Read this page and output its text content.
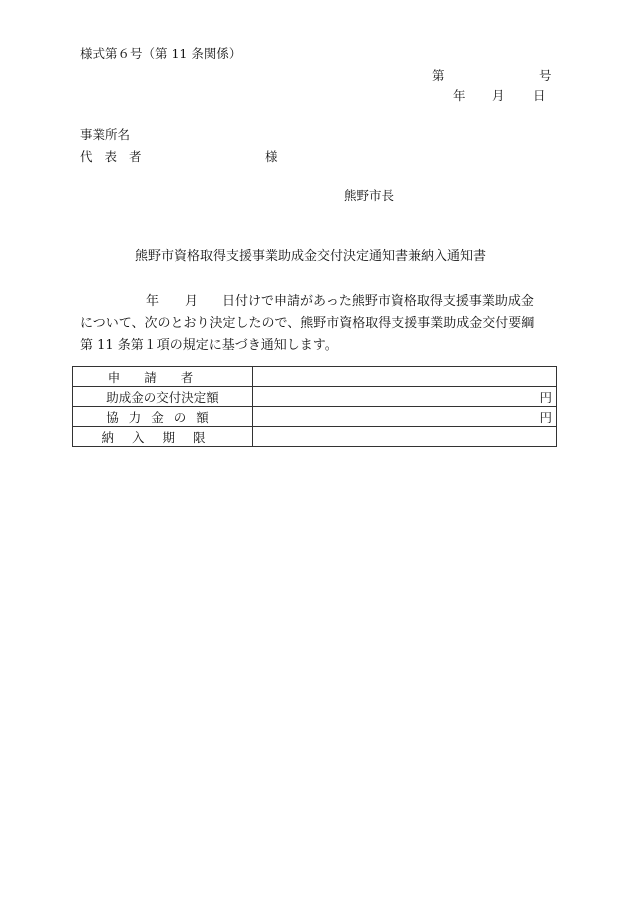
様式第６号（第 11 条関係）
第	号
年 月 日
事業所名
代 表 者	様
熊野市長
熊野市資格取得支援事業助成金交付決定通知書兼納入通知書
年 月 日付けで申請があった熊野市資格取得支援事業助成金
について、次のとおり決定したので、熊野市資格取得支援事業助成金交付要綱
第 11 条第１項の規定に基づき通知します。
申請者	
助成金の交付決定額	円
協力金の額	円
納入期限	
